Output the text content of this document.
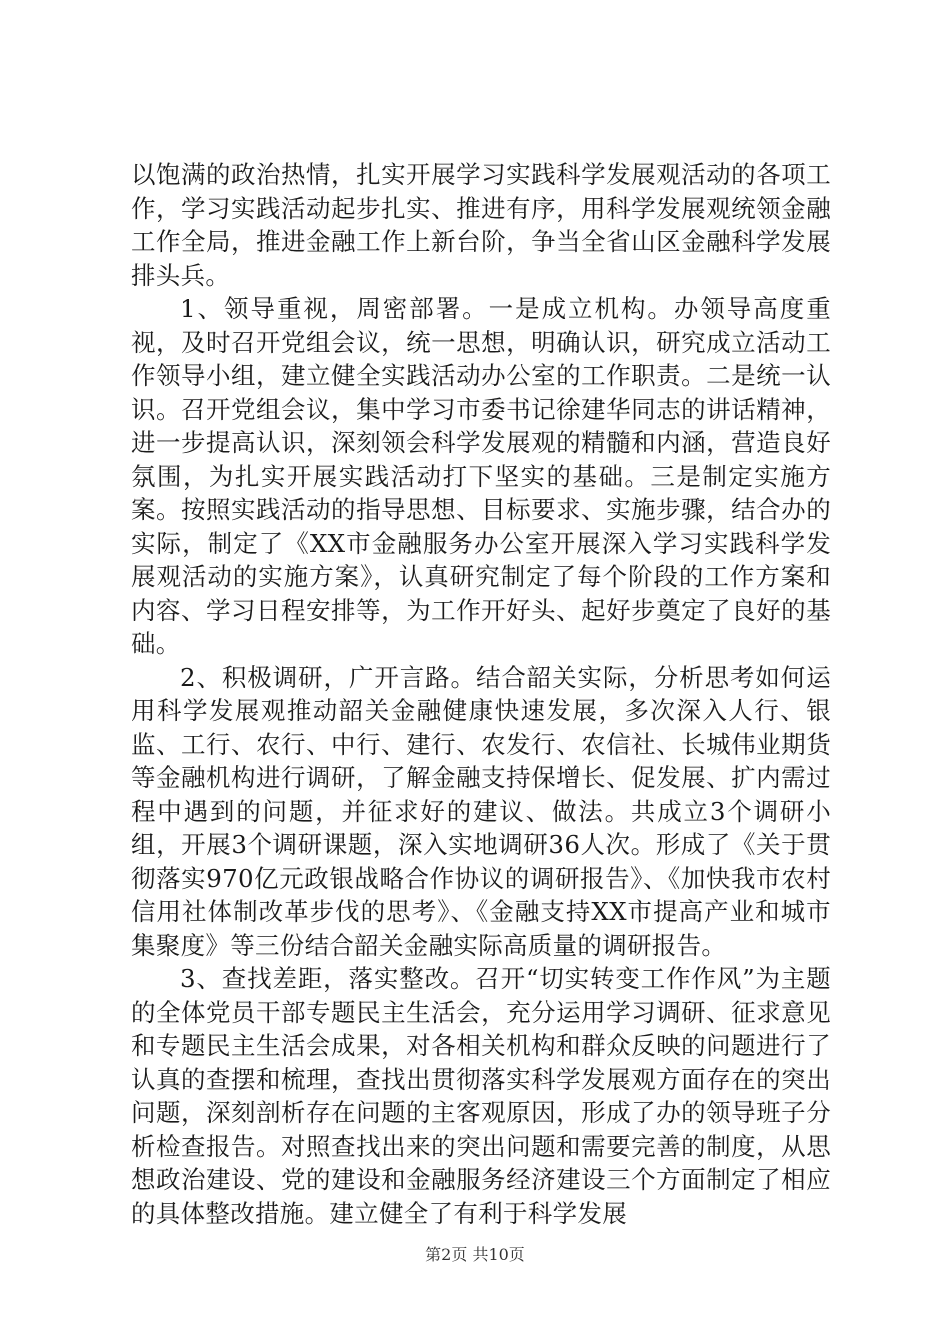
以饱满的政治热情，扎实开展学习实践科学发展观活动的各项工作，学习实践活动起步扎实、推进有序，用科学发展观统领金融工作全局，推进金融工作上新台阶，争当全省山区金融科学发展排头兵。

1、领导重视，周密部署。一是成立机构。办领导高度重视，及时召开党组会议，统一思想，明确认识，研究成立活动工作领导小组，建立健全实践活动办公室的工作职责。二是统一认识。召开党组会议，集中学习市委书记徐建华同志的讲话精神，进一步提高认识，深刻领会科学发展观的精髓和内涵，营造良好氛围，为扎实开展实践活动打下坚实的基础。三是制定实施方案。按照实践活动的指导思想、目标要求、实施步骤，结合办的实际，制定了《XX市金融服务办公室开展深入学习实践科学发展观活动的实施方案》，认真研究制定了每个阶段的工作方案和内容、学习日程安排等，为工作开好头、起好步奠定了良好的基础。

2、积极调研，广开言路。结合韶关实际，分析思考如何运用科学发展观推动韶关金融健康快速发展，多次深入人行、银监、工行、农行、中行、建行、农发行、农信社、长城伟业期货等金融机构进行调研，了解金融支持保增长、促发展、扩内需过程中遇到的问题，并征求好的建议、做法。共成立3个调研小组，开展3个调研课题，深入实地调研36人次。形成了《关于贯彻落实970亿元政银战略合作协议的调研报告》、《加快我市农村信用社体制改革步伐的思考》、《金融支持XX市提高产业和城市集聚度》等三份结合韶关金融实际高质量的调研报告。

3、查找差距，落实整改。召开“切实转变工作作风”为主题的全体党员干部专题民主生活会，充分运用学习调研、征求意见和专题民主生活会成果，对各相关机构和群众反映的问题进行了认真的查摆和梳理，查找出贯彻落实科学发展观方面存在的突出问题，深刻剖析存在问题的主客观原因，形成了办的领导班子分析检查报告。对照查找出来的突出问题和需要完善的制度，从思想政治建设、党的建设和金融服务经济建设三个方面制定了相应的具体整改措施。建立健全了有利于科学发展

第2页 共10页
